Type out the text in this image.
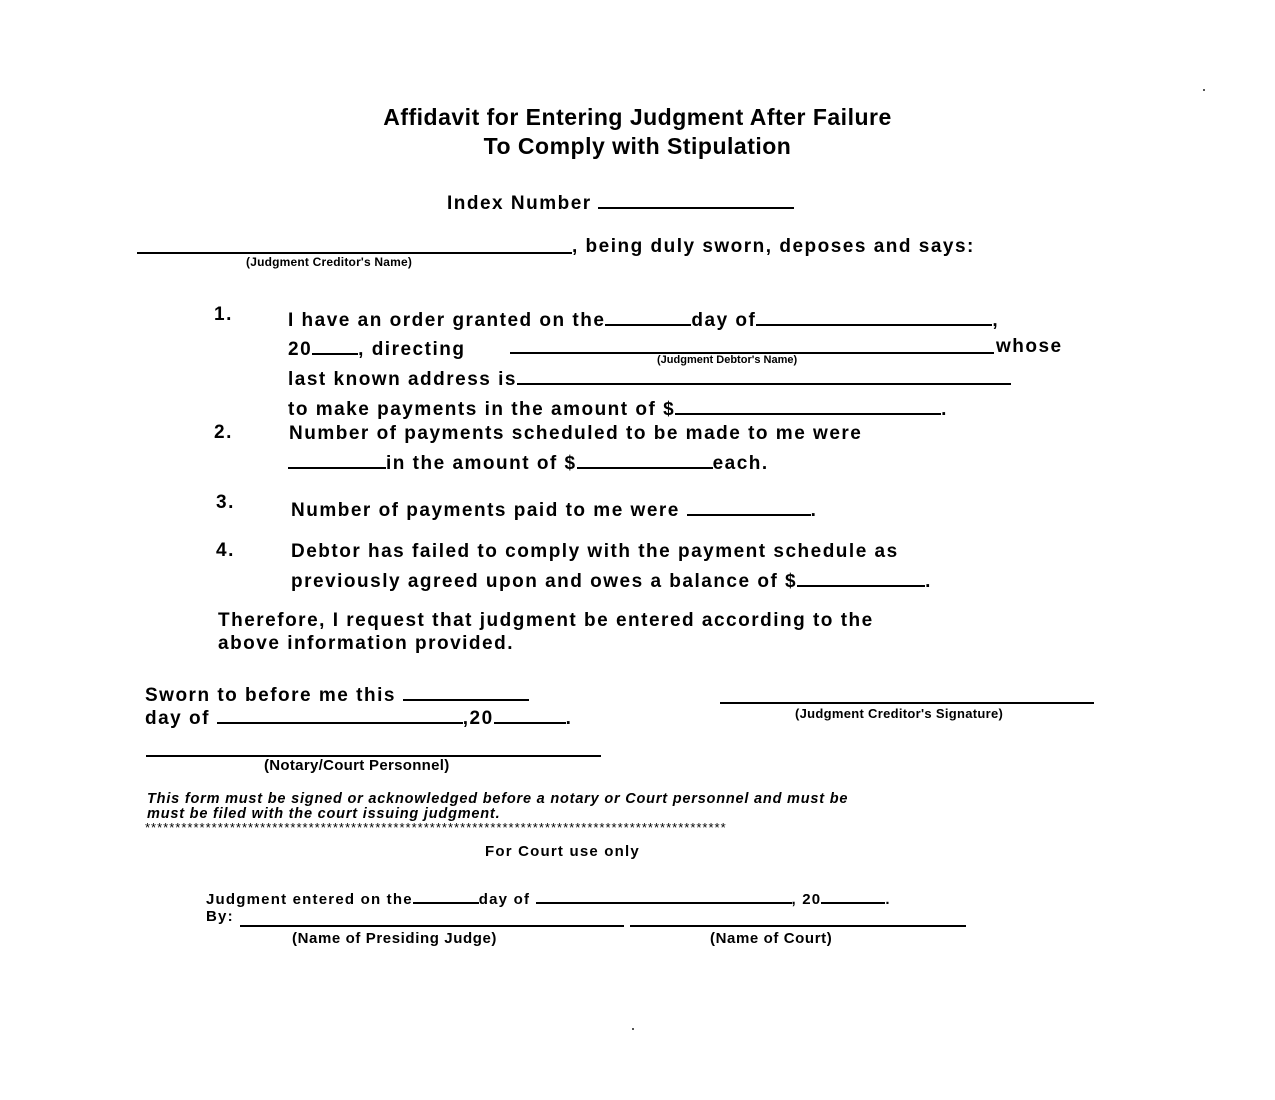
Affidavit for Entering Judgment After Failure
To Comply with Stipulation
Index Number
, being duly sworn, deposes and says:
(Judgment Creditor's Name)
1.	I have an order granted on the	day of	,
20 , directing	whose
(Judgment Debtor's Name)
last known address is
to make payments in the amount of $	.
2.	Number of payments scheduled to be made to me were
in the amount of $	each.
3.	Number of payments paid to me were	.
4.	Debtor has failed to comply with the payment schedule as
previously agreed upon and owes a balance of $	.
Therefore, I request that judgment be entered according to the
above information provided.
Sworn to before me this
day of	,20	.	(Judgment Creditor's Signature)
(Notary/Court Personnel)
This form must be signed or acknowledged before a notary or Court personnel and must be
must be filed with the court issuing judgment.
************************************************************************************************
For Court use only
Judgment entered on the	day of	, 20	.
By:
(Name of Presiding Judge)	(Name of Court)
